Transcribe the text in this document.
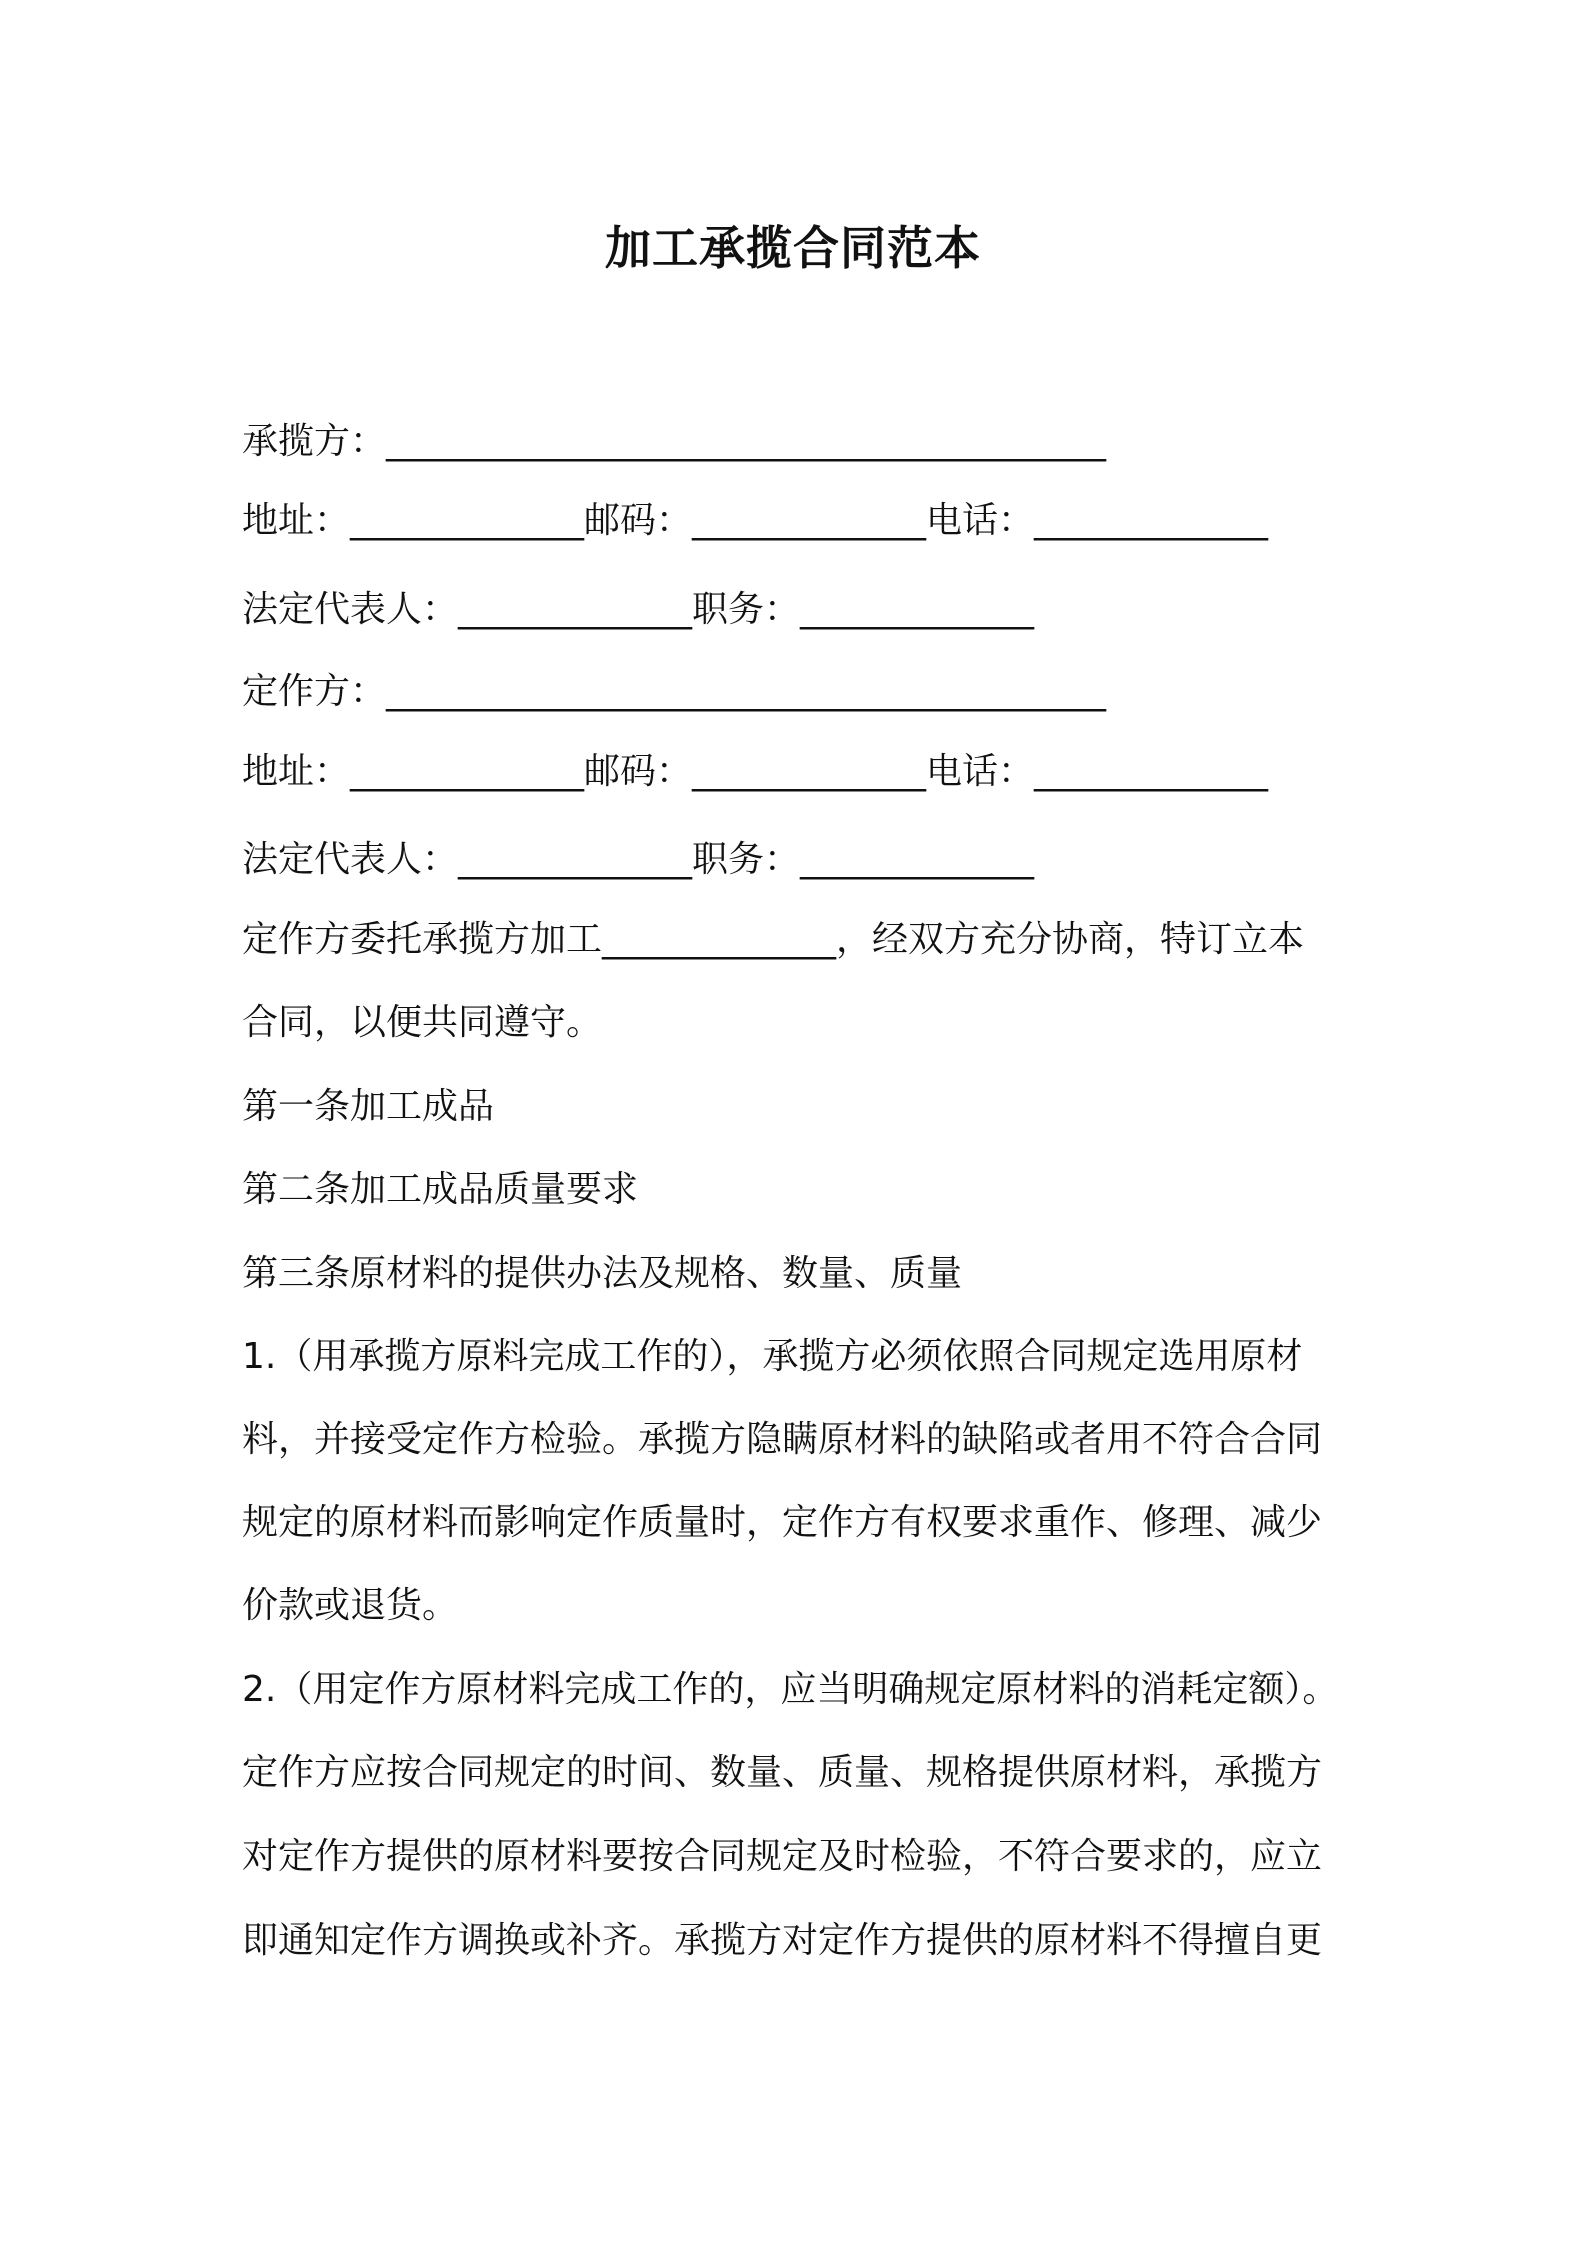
加工承揽合同范本
承揽方：________________________________________
地址：_____________邮码：_____________电话：_____________
法定代表人：_____________职务：_____________
定作方：________________________________________
地址：_____________邮码：_____________电话：_____________
法定代表人：_____________职务：_____________
定作方委托承揽方加工_____________，经双方充分协商，特订立本
合同，以便共同遵守。
第一条加工成品
第二条加工成品质量要求
第三条原材料的提供办法及规格、数量、质量
1.（用承揽方原料完成工作的），承揽方必须依照合同规定选用原材
料，并接受定作方检验。承揽方隐瞒原材料的缺陷或者用不符合合同
规定的原材料而影响定作质量时，定作方有权要求重作、修理、减少
价款或退货。
2.（用定作方原材料完成工作的，应当明确规定原材料的消耗定额）。
定作方应按合同规定的时间、数量、质量、规格提供原材料，承揽方
对定作方提供的原材料要按合同规定及时检验，不符合要求的，应立
即通知定作方调换或补齐。承揽方对定作方提供的原材料不得擅自更
